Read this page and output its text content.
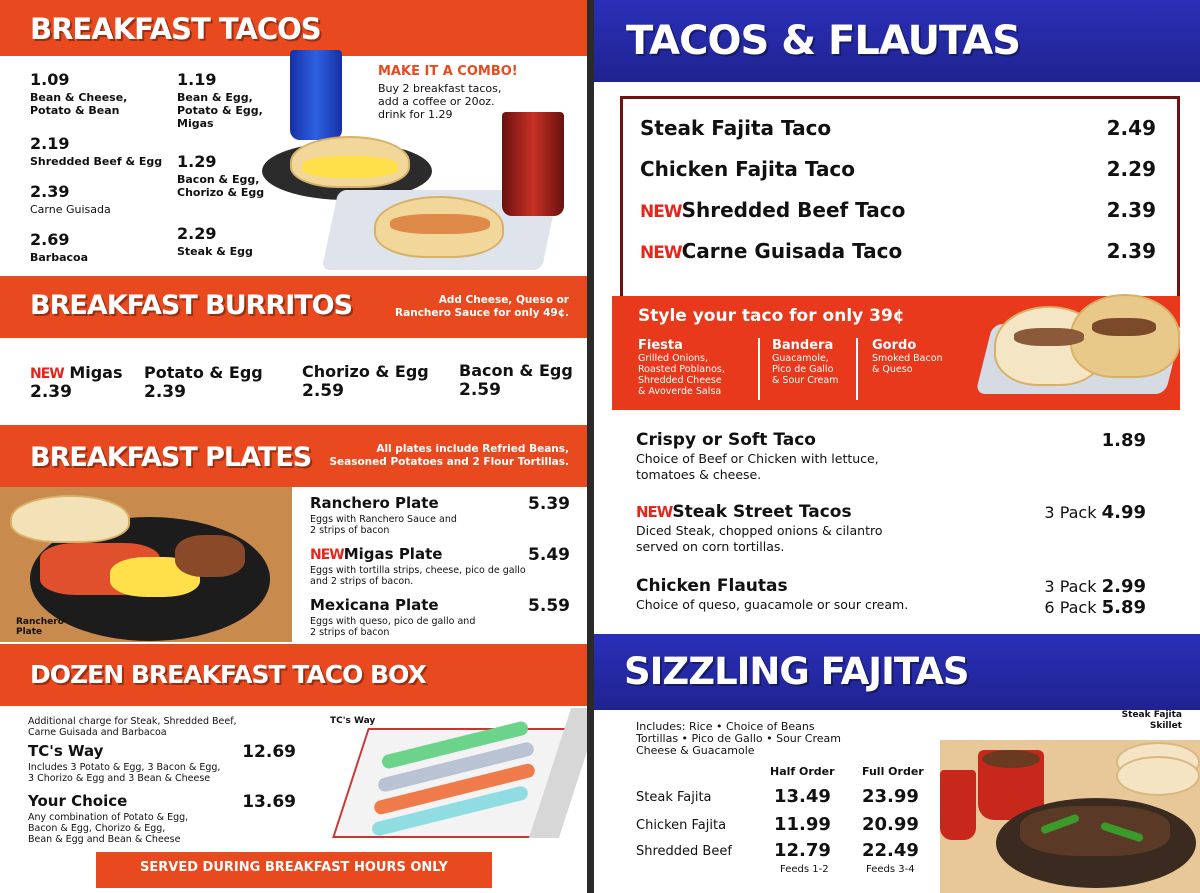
BREAKFAST TACOS
1.09
Bean & Cheese,
Potato & Bean
2.19
Shredded Beef & Egg
2.39
Carne Guisada
2.69
Barbacoa
1.19
Bean & Egg,
Potato & Egg,
Migas
1.29
Bacon & Egg,
Chorizo & Egg
2.29
Steak & Egg
MAKE IT A COMBO!
Buy 2 breakfast tacos,
add a coffee or 20oz.
drink for 1.29
BREAKFAST BURRITOS	Add Cheese, Queso or
Ranchero Sauce for only 49¢.
NEW Migas
2.39
Potato & Egg
2.39
Chorizo & Egg
2.59
Bacon & Egg
2.59
BREAKFAST PLATES	All plates include Refried Beans,
Seasoned Potatoes and 2 Flour Tortillas.
Ranchero
Plate
Ranchero Plate	5.39
Eggs with Ranchero Sauce and
2 strips of bacon
NEWMigas Plate	5.49
Eggs with tortilla strips, cheese, pico de gallo
and 2 strips of bacon.
Mexicana Plate	5.59
Eggs with queso, pico de gallo and
2 strips of bacon
DOZEN BREAKFAST TACO BOX
Additional charge for Steak, Shredded Beef,
Carne Guisada and Barbacoa
TC's Way	12.69
Includes 3 Potato & Egg, 3 Bacon & Egg,
3 Chorizo & Egg and 3 Bean & Cheese
Your Choice	13.69
Any combination of Potato & Egg,
Bacon & Egg, Chorizo & Egg,
Bean & Egg and Bean & Cheese
TC's Way
SERVED DURING BREAKFAST HOURS ONLY
TACOS & FLAUTAS
Steak Fajita Taco	2.49
Chicken Fajita Taco	2.29
NEWShredded Beef Taco	2.39
NEWCarne Guisada Taco	2.39
Style your taco for only 39¢
Fiesta
Grilled Onions,
Roasted Poblanos,
Shredded Cheese
& Avoverde Salsa
Bandera
Guacamole,
Pico de Gallo
& Sour Cream
Gordo
Smoked Bacon
& Queso
Crispy or Soft Taco	1.89
Choice of Beef or Chicken with lettuce,
tomatoes & cheese.
NEWSteak Street Tacos	3 Pack 4.99
Diced Steak, chopped onions & cilantro
served on corn tortillas.
Chicken Flautas	3 Pack 2.99
Choice of queso, guacamole or sour cream.	6 Pack 5.89
SIZZLING FAJITAS
Includes: Rice • Choice of Beans
Tortillas • Pico de Gallo • Sour Cream
Cheese & Guacamole
Half Order Full Order
Steak Fajita	13.49 23.99
Chicken Fajita	11.99 20.99
Shredded Beef 12.79 22.49
Feeds 1-2	Feeds 3-4
Steak Fajita
Skillet
